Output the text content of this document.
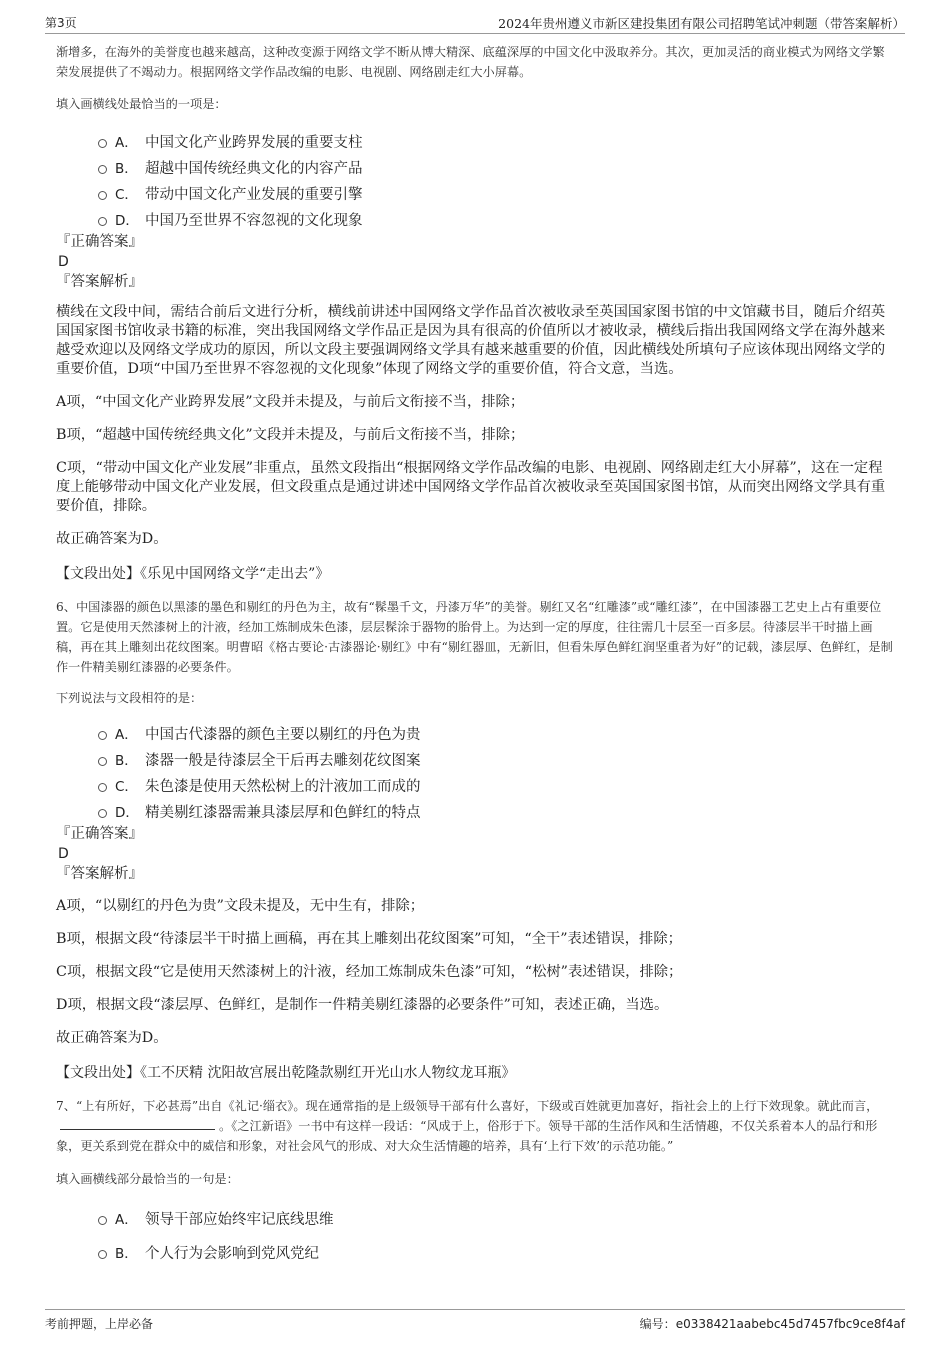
第3页	2024年贵州遵义市新区建投集团有限公司招聘笔试冲刺题（带答案解析）
渐增多，在海外的美誉度也越来越高，这种改变源于网络文学不断从博大精深、底蕴深厚的中国文化中汲取养分。其次，更加灵活的商业模式为网络文学繁荣发展提供了不竭动力。根据网络文学作品改编的电影、电视剧、网络剧走红大小屏幕。
填入画横线处最恰当的一项是：
A． 中国文化产业跨界发展的重要支柱
B． 超越中国传统经典文化的内容产品
C． 带动中国文化产业发展的重要引擎
D． 中国乃至世界不容忽视的文化现象
『正确答案』
D
『答案解析』
横线在文段中间，需结合前后文进行分析，横线前讲述中国网络文学作品首次被收录至英国国家图书馆的中文馆藏书目，随后介绍英国国家图书馆收录书籍的标准，突出我国网络文学作品正是因为具有很高的价值所以才被收录，横线后指出我国网络文学在海外越来越受欢迎以及网络文学成功的原因，所以文段主要强调网络文学具有越来越重要的价值，因此横线处所填句子应该体现出网络文学的重要价值，D项“中国乃至世界不容忽视的文化现象”体现了网络文学的重要价值，符合文意，当选。
A项，“中国文化产业跨界发展”文段并未提及，与前后文衔接不当，排除；
B项，“超越中国传统经典文化”文段并未提及，与前后文衔接不当，排除；
C项，“带动中国文化产业发展”非重点，虽然文段指出“根据网络文学作品改编的电影、电视剧、网络剧走红大小屏幕”，这在一定程度上能够带动中国文化产业发展，但文段重点是通过讲述中国网络文学作品首次被收录至英国国家图书馆，从而突出网络文学具有重要价值，排除。
故正确答案为D。
【文段出处】《乐见中国网络文学“走出去”》
6、中国漆器的颜色以黑漆的墨色和剔红的丹色为主，故有“髹墨千文，丹漆万华”的美誉。剔红又名“红雕漆”或“雕红漆”，在中国漆器工艺史上占有重要位置。它是使用天然漆树上的汁液，经加工炼制成朱色漆，层层髹涂于器物的胎骨上。为达到一定的厚度，往往需几十层至一百多层。待漆层半干时描上画稿，再在其上雕刻出花纹图案。明曹昭《格古要论·古漆器论·剔红》中有“剔红器皿，无新旧，但看朱厚色鲜红润坚重者为好”的记载，漆层厚、色鲜红，是制作一件精美剔红漆器的必要条件。
下列说法与文段相符的是：
A． 中国古代漆器的颜色主要以剔红的丹色为贵
B． 漆器一般是待漆层全干后再去雕刻花纹图案
C． 朱色漆是使用天然松树上的汁液加工而成的
D． 精美剔红漆器需兼具漆层厚和色鲜红的特点
『正确答案』
D
『答案解析』
A项，“以剔红的丹色为贵”文段未提及，无中生有，排除；
B项，根据文段“待漆层半干时描上画稿，再在其上雕刻出花纹图案”可知，“全干”表述错误，排除；
C项，根据文段“它是使用天然漆树上的汁液，经加工炼制成朱色漆”可知，“松树”表述错误，排除；
D项，根据文段“漆层厚、色鲜红，是制作一件精美剔红漆器的必要条件”可知，表述正确，当选。
故正确答案为D。
【文段出处】《工不厌精 沈阳故宫展出乾隆款剔红开光山水人物纹龙耳瓶》
7、“上有所好，下必甚焉”出自《礼记·缁衣》。现在通常指的是上级领导干部有什么喜好，下级或百姓就更加喜好，指社会上的上行下效现象。就此而言，。《之江新语》一书中有这样一段话：“风成于上，俗形于下。领导干部的生活作风和生活情趣，不仅关系着本人的品行和形象，更关系到党在群众中的威信和形象，对社会风气的形成、对大众生活情趣的培养，具有‘上行下效’的示范功能。”
填入画横线部分最恰当的一句是：
A． 领导干部应始终牢记底线思维
B． 个人行为会影响到党风党纪
考前押题，上岸必备	编号：e0338421aabebc45d7457fbc9ce8f4af
